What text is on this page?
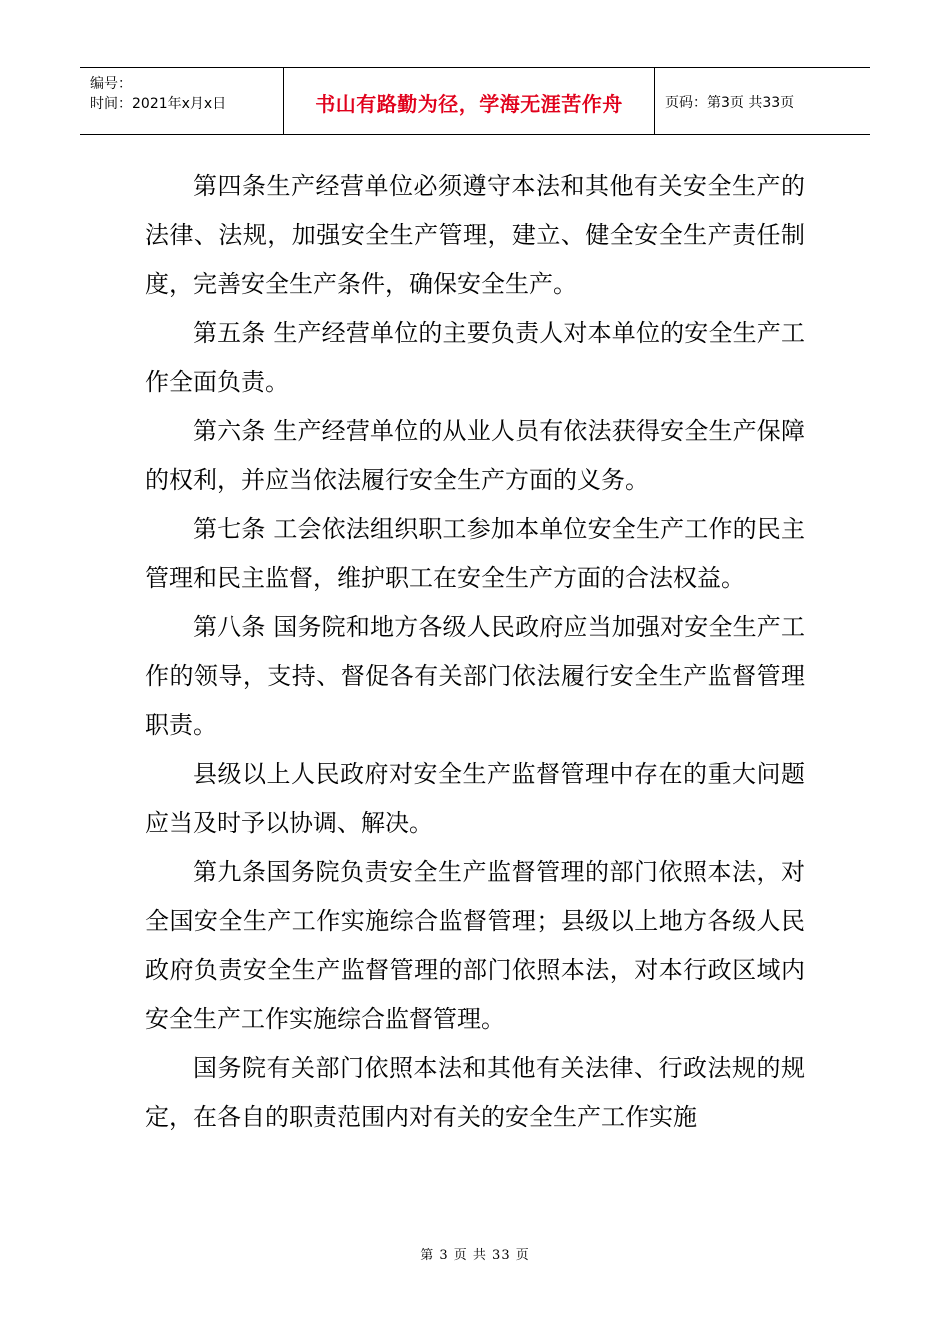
编号：
时间：2021年x月x日	书山有路勤为径，学海无涯苦作舟	页码：第3页 共33页

第四条生产经营单位必须遵守本法和其他有关安全生产的法律、法规，加强安全生产管理，建立、健全安全生产责任制度，完善安全生产条件，确保安全生产。

第五条 生产经营单位的主要负责人对本单位的安全生产工作全面负责。

第六条 生产经营单位的从业人员有依法获得安全生产保障的权利，并应当依法履行安全生产方面的义务。

第七条 工会依法组织职工参加本单位安全生产工作的民主管理和民主监督，维护职工在安全生产方面的合法权益。

第八条 国务院和地方各级人民政府应当加强对安全生产工作的领导，支持、督促各有关部门依法履行安全生产监督管理职责。

县级以上人民政府对安全生产监督管理中存在的重大问题应当及时予以协调、解决。

第九条国务院负责安全生产监督管理的部门依照本法，对全国安全生产工作实施综合监督管理；县级以上地方各级人民政府负责安全生产监督管理的部门依照本法，对本行政区域内安全生产工作实施综合监督管理。

国务院有关部门依照本法和其他有关法律、行政法规的规定，在各自的职责范围内对有关的安全生产工作实施

第 3 页 共 33 页
